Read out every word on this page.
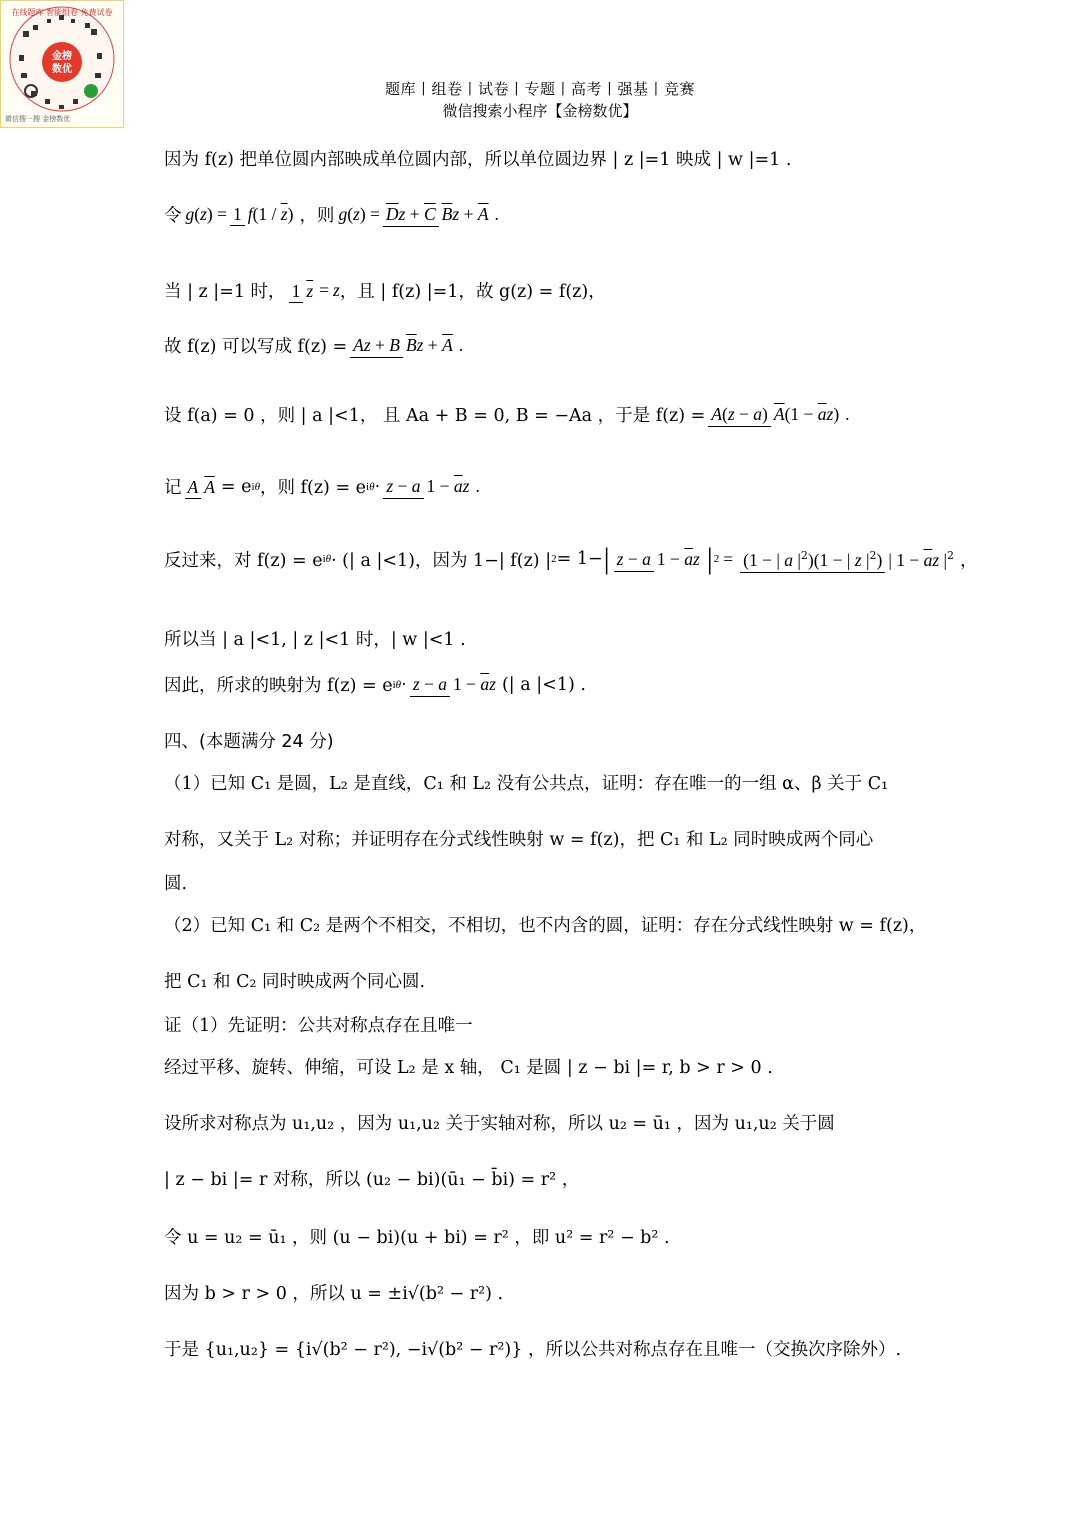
金榜
数优
在线题库 智能组卷 免费试卷
微信搜一搜 金榜数优
题库丨组卷丨试卷丨专题丨高考丨强基丨竞赛
微信搜索小程序【金榜数优】
因为 f(z) 把单位圆内部映成单位圆内部，所以单位圆边界 | z |=1 映成 | w |=1 .
令 g ( z ) = 1 $f(1 / \overline{z})$ ，则 g ( z ) = $\overline{D}z + \overline{C}$ $\overline{B}z + \overline{A}$ .
当 | z |=1 时， 1 $\overline{z} = z$ ，且 | f(z) |=1，故 g(z) = f(z)，
故 f(z) 可以写成 f(z) = Az + B $\overline{B}z + \overline{A}$ .
设 f(a) = 0 ，则 | a |<1， 且 Aa + B = 0, B = −Aa ，于是 f(z) = A(z − a) $\overline{A}(1 - \overline{a}z)$ .
记 A $\overline{A} = e$ iθ ，则 f(z) = e iθ · z − a $1 - \overline{a}z$ .
反过来，对 f(z) = e iθ · (| a |<1)，因为 1−| f(z) | 2 = 1− | z − a $1 - \overline{a}z$ | 2 = (1 − | a $|^2)(1$ − | z $|^2$) | $1 - \overline{a}z$ $|^2$ ，
所以当 | a |<1, | z |<1 时，| w |<1 .
因此，所求的映射为 f(z) = e iθ · z − a $1 - \overline{a}z$ (| a |<1) .
四、(本题满分 24 分)
（1）已知 C₁ 是圆，L₂ 是直线，C₁ 和 L₂ 没有公共点，证明：存在唯一的一组 α、β 关于 C₁
对称，又关于 L₂ 对称；并证明存在分式线性映射 w = f(z)，把 C₁ 和 L₂ 同时映成两个同心
圆.
（2）已知 C₁ 和 C₂ 是两个不相交，不相切，也不内含的圆，证明：存在分式线性映射 w = f(z)，
把 C₁ 和 C₂ 同时映成两个同心圆.
证（1）先证明：公共对称点存在且唯一
经过平移、旋转、伸缩，可设 L₂ 是 x 轴， C₁ 是圆 | z − bi |= r, b > r > 0 .
设所求对称点为 u₁,u₂ ，因为 u₁,u₂ 关于实轴对称，所以 u₂ = ū₁ ，因为 u₁,u₂ 关于圆
| z − bi |= r 对称，所以 (u₂ − bi)(ū₁ − b̄i) = r² ，
令 u = u₂ = ū₁ ，则 (u − bi)(u + bi) = r² ，即 u² = r² − b² .
因为 b > r > 0 ，所以 u = ±i√(b² − r²) .
于是 {u₁,u₂} = {i√(b² − r²), −i√(b² − r²)} ，所以公共对称点存在且唯一（交换次序除外）.
